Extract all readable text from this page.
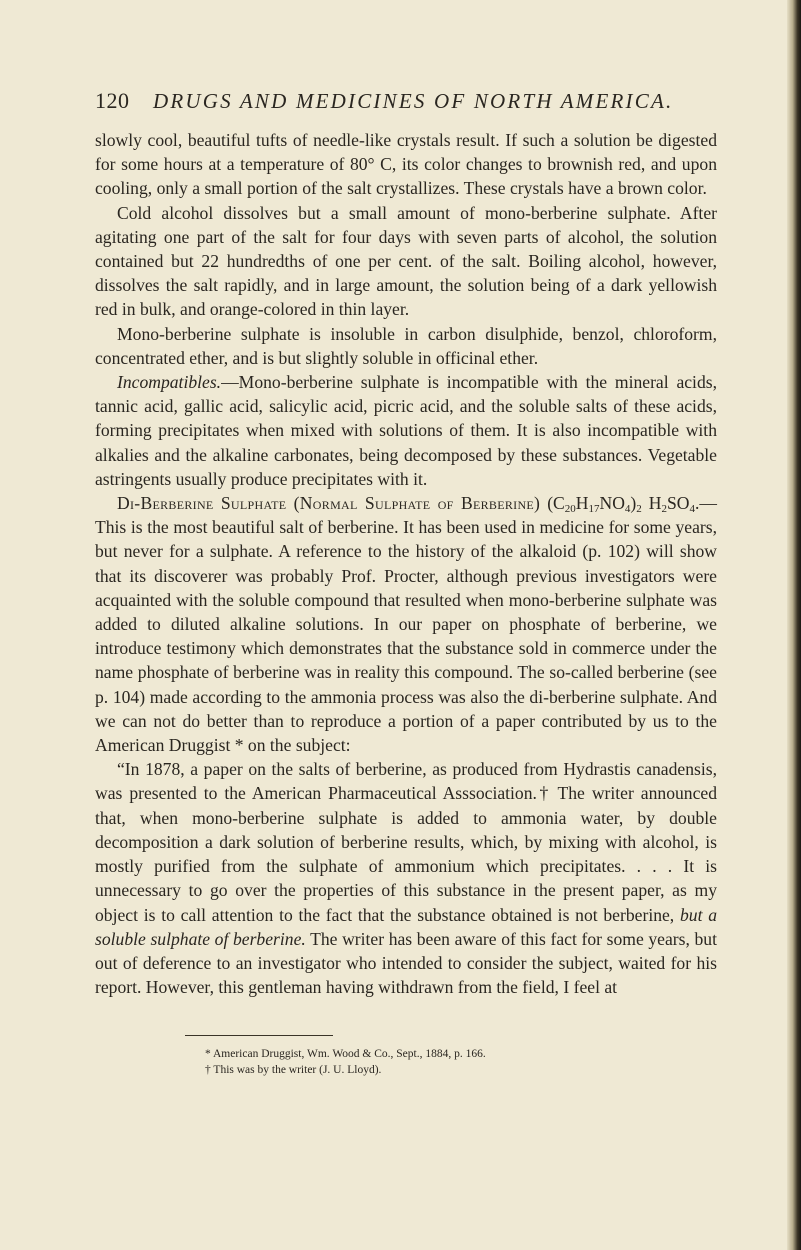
120	DRUGS AND MEDICINES OF NORTH AMERICA.

slowly cool, beautiful tufts of needle-like crystals result. If such a solution be digested for some hours at a temperature of 80° C, its color changes to brownish red, and upon cooling, only a small portion of the salt crystallizes. These crystals have a brown color.

Cold alcohol dissolves but a small amount of mono-berberine sulphate. After agitating one part of the salt for four days with seven parts of alcohol, the solution contained but 22 hundredths of one per cent. of the salt. Boiling alcohol, however, dissolves the salt rapidly, and in large amount, the solution being of a dark yellowish red in bulk, and orange-colored in thin layer.

Mono-berberine sulphate is insoluble in carbon disulphide, benzol, chloroform, concentrated ether, and is but slightly soluble in officinal ether.

Incompatibles.—Mono-berberine sulphate is incompatible with the mineral acids, tannic acid, gallic acid, salicylic acid, picric acid, and the soluble salts of these acids, forming precipitates when mixed with solutions of them. It is also incompatible with alkalies and the alkaline carbonates, being decomposed by these substances. Vegetable astringents usually produce precipitates with it.

Di-Berberine Sulphate (Normal Sulphate of Berberine) $(C_{20}H_{17}NO_4)_2$ $H_2SO_4.—This$ is the most beautiful salt of berberine. It has been used in medicine for some years, but never for a sulphate. A reference to the history of the alkaloid (p. 102) will show that its discoverer was probably Prof. Procter, although previous investigators were acquainted with the soluble compound that resulted when mono-berberine sulphate was added to diluted alkaline solutions. In our paper on phosphate of berberine, we introduce testimony which demonstrates that the substance sold in commerce under the name phosphate of berberine was in reality this compound. The so-called berberine (see p. 104) made according to the ammonia process was also the di-berberine sulphate. And we can not do better than to reproduce a portion of a paper contributed by us to the American Druggist * on the subject:

“In 1878, a paper on the salts of berberine, as produced from Hydrastis canadensis, was presented to the American Pharmaceutical Asssociation.† The writer announced that, when mono-berberine sulphate is added to ammonia water, by double decomposition a dark solution of berberine results, which, by mixing with alcohol, is mostly purified from the sulphate of ammonium which precipitates. . . . It is unnecessary to go over the properties of this substance in the present paper, as my object is to call attention to the fact that the substance obtained is not berberine, but a soluble sulphate of berberine. The writer has been aware of this fact for some years, but out of deference to an investigator who intended to consider the subject, waited for his report. However, this gentleman having withdrawn from the field, I feel at

* American Druggist, Wm. Wood & Co., Sept., 1884, p. 166.

† This was by the writer (J. U. Lloyd).
